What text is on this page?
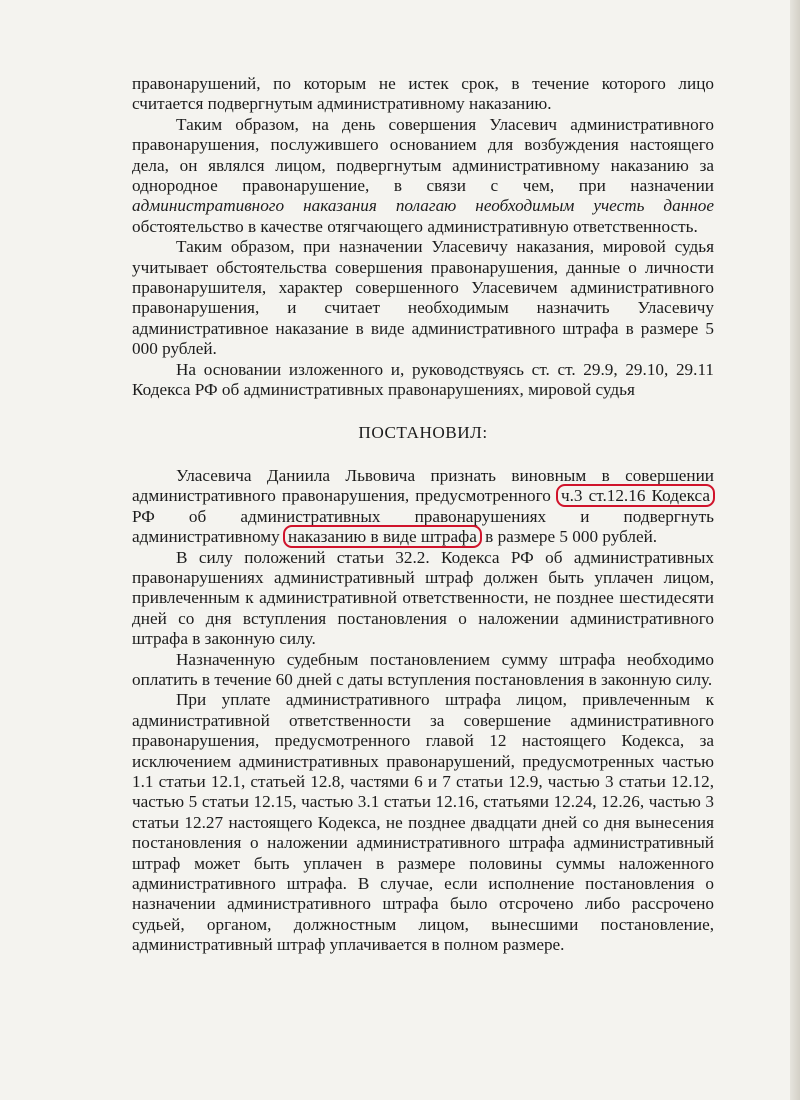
правонарушений, по которым не истек срок, в течение которого лицо считается подвергнутым административному наказанию.

Таким образом, на день совершения Уласевич административного правонарушения, послужившего основанием для возбуждения настоящего дела, он являлся лицом, подвергнутым административному наказанию за однородное правонарушение, в связи с чем, при назначении административного наказания полагаю необходимым учесть данное обстоятельство в качестве отягчающего административную ответственность.

Таким образом, при назначении Уласевичу наказания, мировой судья учитывает обстоятельства совершения правонарушения, данные о личности правонарушителя, характер совершенного Уласевичем административного правонарушения, и считает необходимым назначить Уласевичу административное наказание в виде административного штрафа в размере 5 000 рублей.

На основании изложенного и, руководствуясь ст. ст. 29.9, 29.10, 29.11 Кодекса РФ об административных правонарушениях, мировой судья

ПОСТАНОВИЛ:

Уласевича Даниила Львовича признать виновным в совершении административного правонарушения, предусмотренного ч.3 ст.12.16 Кодекса РФ об административных правонарушениях и подвергнуть административному наказанию в виде штрафа в размере 5 000 рублей.

В силу положений статьи 32.2. Кодекса РФ об административных правонарушениях административный штраф должен быть уплачен лицом, привлеченным к административной ответственности, не позднее шестидесяти дней со дня вступления постановления о наложении административного штрафа в законную силу.

Назначенную судебным постановлением сумму штрафа необходимо оплатить в течение 60 дней с даты вступления постановления в законную силу.

При уплате административного штрафа лицом, привлеченным к административной ответственности за совершение административного правонарушения, предусмотренного главой 12 настоящего Кодекса, за исключением административных правонарушений, предусмотренных частью 1.1 статьи 12.1, статьей 12.8, частями 6 и 7 статьи 12.9, частью 3 статьи 12.12, частью 5 статьи 12.15, частью 3.1 статьи 12.16, статьями 12.24, 12.26, частью 3 статьи 12.27 настоящего Кодекса, не позднее двадцати дней со дня вынесения постановления о наложении административного штрафа административный штраф может быть уплачен в размере половины суммы наложенного административного штрафа. В случае, если исполнение постановления о назначении административного штрафа было отсрочено либо рассрочено судьей, органом, должностным лицом, вынесшими постановление, административный штраф уплачивается в полном размере.
